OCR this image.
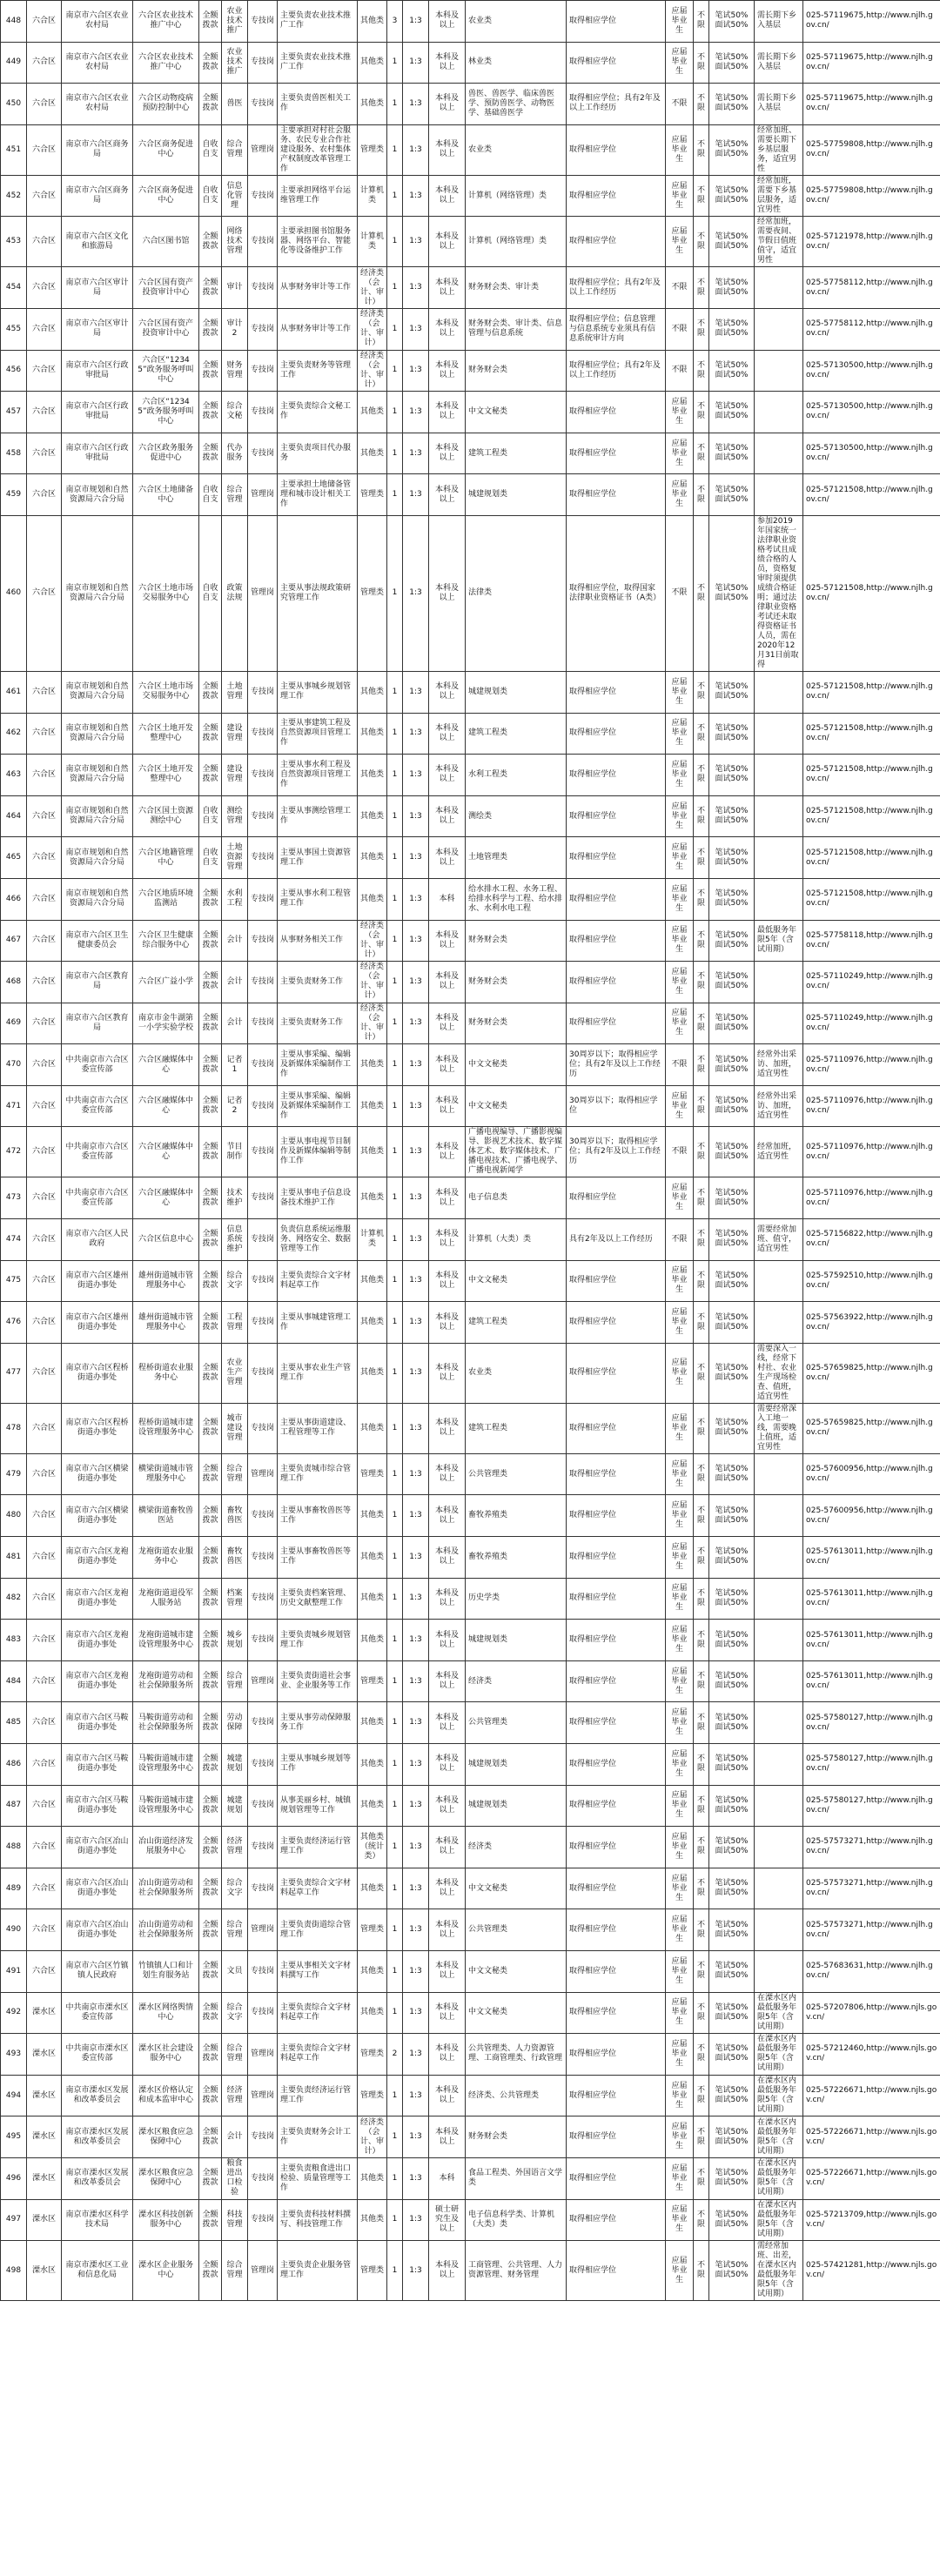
448	六合区	南京市六合区农业农村局	六合区农业技术推广中心	全额拨款	农业技术推广	专技岗	主要负责农业技术推广工作	其他类	3	1:3	本科及以上	农业类	取得相应学位	应届毕业生	不限	笔试50%面试50%	需长期下乡入基层	025-57119675,http://www.njlh.gov.cn/
449	六合区	南京市六合区农业农村局	六合区农业技术推广中心	全额拨款	农业技术推广	专技岗	主要负责农业技术推广工作	其他类	1	1:3	本科及以上	林业类	取得相应学位	应届毕业生	不限	笔试50%面试50%	需长期下乡入基层	025-57119675,http://www.njlh.gov.cn/
450	六合区	南京市六合区农业农村局	六合区动物疫病预防控制中心	全额拨款	兽医	专技岗	主要负责兽医相关工作	其他类	1	1:3	本科及以上	兽医、兽医学、临床兽医学、预防兽医学、动物医学、基础兽医学	取得相应学位；具有2年及以上工作经历	不限	不限	笔试50%面试50%	需长期下乡入基层	025-57119675,http://www.njlh.gov.cn/
451	六合区	南京市六合区商务局	六合区商务促进中心	自收自支	综合管理	管理岗	主要承担对村社会服务、农民专业合作社建设服务、农村集体产权制度改革管理工作	管理类	1	1:3	本科及以上	农业类	取得相应学位	应届毕业生	不限	笔试50%面试50%	经常加班、需要长期下乡基层服务，适宜男性	025-57759808,http://www.njlh.gov.cn/
452	六合区	南京市六合区商务局	六合区商务促进中心	自收自支	信息化管理	专技岗	主要承担网络平台运维管理工作	计算机类	1	1:3	本科及以上	计算机（网络管理）类	取得相应学位	应届毕业生	不限	笔试50%面试50%	经常加班，需要下乡基层服务，适宜男性	025-57759808,http://www.njlh.gov.cn/
453	六合区	南京市六合区文化和旅游局	六合区图书馆	全额拨款	网络技术管理	专技岗	主要承担图书馆服务器、网络平台、智能化等设备维护工作	计算机类	1	1:3	本科及以上	计算机（网络管理）类	取得相应学位	应届毕业生	不限	笔试50%面试50%	经常加班，需要夜间、节假日值班值守，适宜男性	025-57121978,http://www.njlh.gov.cn/
454	六合区	南京市六合区审计局	六合区国有资产投资审计中心	全额拨款	审计	专技岗	从事财务审计等工作	经济类（会计、审计）	1	1:3	本科及以上	财务财会类、审计类	取得相应学位；具有2年及以上工作经历	不限	不限	笔试50%面试50%		025-57758112,http://www.njlh.gov.cn/
455	六合区	南京市六合区审计局	六合区国有资产投资审计中心	全额拨款	审计2	专技岗	从事财务审计等工作	经济类（会计、审计）	1	1:3	本科及以上	财务财会类、审计类、信息管理与信息系统	取得相应学位；信息管理与信息系统专业须具有信息系统审计方向	不限	不限	笔试50%面试50%		025-57758112,http://www.njlh.gov.cn/
456	六合区	南京市六合区行政审批局	六合区“12345”政务服务呼叫中心	全额拨款	财务管理	专技岗	主要负责财务等管理工作	经济类（会计、审计）	1	1:3	本科及以上	财务财会类	取得相应学位；具有2年及以上工作经历	不限	不限	笔试50%面试50%		025-57130500,http://www.njlh.gov.cn/
457	六合区	南京市六合区行政审批局	六合区“12345”政务服务呼叫中心	全额拨款	综合文秘	专技岗	主要负责综合文秘工作	其他类	1	1:3	本科及以上	中文文秘类	取得相应学位	应届毕业生	不限	笔试50%面试50%		025-57130500,http://www.njlh.gov.cn/
458	六合区	南京市六合区行政审批局	六合区政务服务促进中心	全额拨款	代办服务	专技岗	主要负责项目代办服务	其他类	1	1:3	本科及以上	建筑工程类	取得相应学位	应届毕业生	不限	笔试50%面试50%		025-57130500,http://www.njlh.gov.cn/
459	六合区	南京市规划和自然资源局六合分局	六合区土地储备中心	自收自支	综合管理	管理岗	主要承担土地储备管理和城市设计相关工作	管理类	1	1:3	本科及以上	城建规划类	取得相应学位	应届毕业生	不限	笔试50%面试50%		025-57121508,http://www.njlh.gov.cn/
460	六合区	南京市规划和自然资源局六合分局	六合区土地市场交易服务中心	自收自支	政策法规	管理岗	主要从事法规政策研究管理工作	管理类	1	1:3	本科及以上	法律类	取得相应学位，取得国家法律职业资格证书（A类）	不限	不限	笔试50%面试50%	参加2019年国家统一法律职业资格考试且成绩合格的人员，资格复审时须提供成绩合格证明；通过法律职业资格考试还未取得资格证书人员，需在2020年12月31日前取得	025-57121508,http://www.njlh.gov.cn/
461	六合区	南京市规划和自然资源局六合分局	六合区土地市场交易服务中心	全额拨款	土地管理	专技岗	主要从事城乡规划管理工作	其他类	1	1:3	本科及以上	城建规划类	取得相应学位	应届毕业生	不限	笔试50%面试50%		025-57121508,http://www.njlh.gov.cn/
462	六合区	南京市规划和自然资源局六合分局	六合区土地开发整理中心	全额拨款	建设管理	专技岗	主要从事建筑工程及自然资源项目管理工作	其他类	1	1:3	本科及以上	建筑工程类	取得相应学位	应届毕业生	不限	笔试50%面试50%		025-57121508,http://www.njlh.gov.cn/
463	六合区	南京市规划和自然资源局六合分局	六合区土地开发整理中心	全额拨款	建设管理	专技岗	主要从事水利工程及自然资源项目管理工作	其他类	1	1:3	本科及以上	水利工程类	取得相应学位	应届毕业生	不限	笔试50%面试50%		025-57121508,http://www.njlh.gov.cn/
464	六合区	南京市规划和自然资源局六合分局	六合区国土资源测绘中心	自收自支	测绘管理	专技岗	主要从事测绘管理工作	其他类	1	1:3	本科及以上	测绘类	取得相应学位	应届毕业生	不限	笔试50%面试50%		025-57121508,http://www.njlh.gov.cn/
465	六合区	南京市规划和自然资源局六合分局	六合区地籍管理中心	自收自支	土地资源管理	专技岗	主要从事国土资源管理工作	其他类	1	1:3	本科及以上	土地管理类	取得相应学位	应届毕业生	不限	笔试50%面试50%		025-57121508,http://www.njlh.gov.cn/
466	六合区	南京市规划和自然资源局六合分局	六合区地质环境监测站	全额拨款	水利工程	专技岗	主要从事水利工程管理工作	其他类	1	1:3	本科	给水排水工程、水务工程、给排水科学与工程、给水排水、水利水电工程	取得相应学位	应届毕业生	不限	笔试50%面试50%		025-57121508,http://www.njlh.gov.cn/
467	六合区	南京市六合区卫生健康委员会	六合区卫生健康综合服务中心	全额拨款	会计	专技岗	从事财务相关工作	经济类（会计、审计）	1	1:3	本科及以上	财务财会类	取得相应学位	应届毕业生	不限	笔试50%面试50%	最低服务年限5年（含试用期）	025-57758118,http://www.njlh.gov.cn/
468	六合区	南京市六合区教育局	六合区广益小学	全额拨款	会计	专技岗	主要负责财务工作	经济类（会计、审计）	1	1:3	本科及以上	财务财会类	取得相应学位	应届毕业生	不限	笔试50%面试50%		025-57110249,http://www.njlh.gov.cn/
469	六合区	南京市六合区教育局	南京市金牛湖第一小学实验学校	全额拨款	会计	专技岗	主要负责财务工作	经济类（会计、审计）	1	1:3	本科及以上	财务财会类	取得相应学位	应届毕业生	不限	笔试50%面试50%		025-57110249,http://www.njlh.gov.cn/
470	六合区	中共南京市六合区委宣传部	六合区融媒体中心	全额拨款	记者1	专技岗	主要从事采编、编辑及新媒体采编制作工作	其他类	1	1:3	本科及以上	中文文秘类	30周岁以下；取得相应学位；具有2年及以上工作经历	不限	不限	笔试50%面试50%	经常外出采访、加班，适宜男性	025-57110976,http://www.njlh.gov.cn/
471	六合区	中共南京市六合区委宣传部	六合区融媒体中心	全额拨款	记者2	专技岗	主要从事采编、编辑及新媒体采编制作工作	其他类	1	1:3	本科及以上	中文文秘类	30周岁以下；取得相应学位	应届毕业生	不限	笔试50%面试50%	经常外出采访、加班，适宜男性	025-57110976,http://www.njlh.gov.cn/
472	六合区	中共南京市六合区委宣传部	六合区融媒体中心	全额拨款	节目制作	专技岗	主要从事电视节目制作及新媒体编辑等制作工作	其他类	1	1:3	本科及以上	广播电视编导、广播影视编导、影视艺术技术、数字媒体艺术、数字媒体技术、广播电视技术、广播电视学、广播电视新闻学	30周岁以下；取得相应学位；具有2年及以上工作经历	不限	不限	笔试50%面试50%	经常加班，适宜男性	025-57110976,http://www.njlh.gov.cn/
473	六合区	中共南京市六合区委宣传部	六合区融媒体中心	全额拨款	技术维护	专技岗	主要从事电子信息设备技术维护工作	其他类	1	1:3	本科及以上	电子信息类	取得相应学位	应届毕业生	不限	笔试50%面试50%		025-57110976,http://www.njlh.gov.cn/
474	六合区	南京市六合区人民政府	六合区信息中心	全额拨款	信息系统维护	专技岗	负责信息系统运维服务、网络安全、数据管理等工作	计算机类	1	1:3	本科及以上	计算机（大类）类	具有2年及以上工作经历	不限	不限	笔试50%面试50%	需要经常加班、值守，适宜男性	025-57156822,http://www.njlh.gov.cn/
475	六合区	南京市六合区雄州街道办事处	雄州街道城市管理服务中心	全额拨款	综合文字	专技岗	主要负责综合文字材料起草工作	其他类	1	1:3	本科及以上	中文文秘类	取得相应学位	应届毕业生	不限	笔试50%面试50%		025-57592510,http://www.njlh.gov.cn/
476	六合区	南京市六合区雄州街道办事处	雄州街道城市管理服务中心	全额拨款	工程管理	专技岗	主要从事城建管理工作	其他类	1	1:3	本科及以上	建筑工程类	取得相应学位	应届毕业生	不限	笔试50%面试50%		025-57563922,http://www.njlh.gov.cn/
477	六合区	南京市六合区程桥街道办事处	程桥街道农业服务中心	全额拨款	农业生产管理	专技岗	主要从事农业生产管理工作	其他类	1	1:3	本科及以上	农业类	取得相应学位	应届毕业生	不限	笔试50%面试50%	需要深入一线，经常下村社、农业生产现场检查、值班，适宜男性	025-57659825,http://www.njlh.gov.cn/
478	六合区	南京市六合区程桥街道办事处	程桥街道城市建设管理服务中心	全额拨款	城市建设管理	专技岗	主要从事街道建设、工程管理等工作	其他类	1	1:3	本科及以上	建筑工程类	取得相应学位	应届毕业生	不限	笔试50%面试50%	需要经常深入工地一线，需要晚上值班，适宜男性	025-57659825,http://www.njlh.gov.cn/
479	六合区	南京市六合区横梁街道办事处	横梁街道城市管理服务中心	全额拨款	综合管理	管理岗	主要负责城市综合管理工作	管理类	1	1:3	本科及以上	公共管理类	取得相应学位	应届毕业生	不限	笔试50%面试50%		025-57600956,http://www.njlh.gov.cn/
480	六合区	南京市六合区横梁街道办事处	横梁街道畜牧兽医站	全额拨款	畜牧兽医	专技岗	主要从事畜牧兽医等工作	其他类	1	1:3	本科及以上	畜牧养殖类	取得相应学位	应届毕业生	不限	笔试50%面试50%		025-57600956,http://www.njlh.gov.cn/
481	六合区	南京市六合区龙袍街道办事处	龙袍街道农业服务中心	全额拨款	畜牧兽医	专技岗	主要从事畜牧兽医等工作	其他类	1	1:3	本科及以上	畜牧养殖类	取得相应学位	应届毕业生	不限	笔试50%面试50%		025-57613011,http://www.njlh.gov.cn/
482	六合区	南京市六合区龙袍街道办事处	龙袍街道退役军人服务站	全额拨款	档案管理	专技岗	主要负责档案管理、历史文献整理工作	其他类	1	1:3	本科及以上	历史学类	取得相应学位	应届毕业生	不限	笔试50%面试50%		025-57613011,http://www.njlh.gov.cn/
483	六合区	南京市六合区龙袍街道办事处	龙袍街道城市建设管理服务中心	全额拨款	城乡规划	专技岗	主要负责城乡规划管理工作	其他类	1	1:3	本科及以上	城建规划类	取得相应学位	应届毕业生	不限	笔试50%面试50%		025-57613011,http://www.njlh.gov.cn/
484	六合区	南京市六合区龙袍街道办事处	龙袍街道劳动和社会保障服务所	全额拨款	综合管理	管理岗	主要负责街道社会事业、企业服务等工作	管理类	1	1:3	本科及以上	经济类	取得相应学位	应届毕业生	不限	笔试50%面试50%		025-57613011,http://www.njlh.gov.cn/
485	六合区	南京市六合区马鞍街道办事处	马鞍街道劳动和社会保障服务所	全额拨款	劳动保障	专技岗	主要从事劳动保障服务工作	其他类	1	1:3	本科及以上	公共管理类	取得相应学位	应届毕业生	不限	笔试50%面试50%		025-57580127,http://www.njlh.gov.cn/
486	六合区	南京市六合区马鞍街道办事处	马鞍街道城市建设管理服务中心	全额拨款	城建规划	专技岗	主要从事城乡规划等工作	其他类	1	1:3	本科及以上	城建规划类	取得相应学位	应届毕业生	不限	笔试50%面试50%		025-57580127,http://www.njlh.gov.cn/
487	六合区	南京市六合区马鞍街道办事处	马鞍街道城市建设管理服务中心	全额拨款	城建规划	专技岗	从事美丽乡村、城镇规划管理等工作	其他类	1	1:3	本科及以上	城建规划类	取得相应学位	应届毕业生	不限	笔试50%面试50%		025-57580127,http://www.njlh.gov.cn/
488	六合区	南京市六合区冶山街道办事处	冶山街道经济发展服务中心	全额拨款	经济管理	专技岗	主要负责经济运行管理工作	其他类（统计类）	1	1:3	本科及以上	经济类	取得相应学位	应届毕业生	不限	笔试50%面试50%		025-57573271,http://www.njlh.gov.cn/
489	六合区	南京市六合区冶山街道办事处	冶山街道劳动和社会保障服务所	全额拨款	综合文字	专技岗	主要负责综合文字材料起草工作	其他类	1	1:3	本科及以上	中文文秘类	取得相应学位	应届毕业生	不限	笔试50%面试50%		025-57573271,http://www.njlh.gov.cn/
490	六合区	南京市六合区冶山街道办事处	冶山街道劳动和社会保障服务所	全额拨款	综合管理	管理岗	主要负责街道综合管理工作	管理类	1	1:3	本科及以上	公共管理类	取得相应学位	应届毕业生	不限	笔试50%面试50%		025-57573271,http://www.njlh.gov.cn/
491	六合区	南京市六合区竹镇镇人民政府	竹镇镇人口和计划生育服务站	全额拨款	文员	专技岗	主要从事相关文字材料撰写工作	其他类	1	1:3	本科及以上	中文文秘类	取得相应学位	应届毕业生	不限	笔试50%面试50%		025-57683631,http://www.njlh.gov.cn/
492	溧水区	中共南京市溧水区委宣传部	溧水区网络舆情中心	全额拨款	综合文字	专技岗	主要负责综合文字材料起草工作	其他类	1	1:3	本科及以上	中文文秘类	取得相应学位	应届毕业生	不限	笔试50%面试50%	在溧水区内最低服务年限5年（含试用期）	025-57207806,http://www.njls.gov.cn/
493	溧水区	中共南京市溧水区委宣传部	溧水区社会建设服务中心	全额拨款	综合管理	管理岗	主要负责综合文字材料起草工作	管理类	2	1:3	本科及以上	公共管理类、人力资源管理、工商管理类、行政管理	取得相应学位	应届毕业生	不限	笔试50%面试50%	在溧水区内最低服务年限5年（含试用期）	025-57212460,http://www.njls.gov.cn/
494	溧水区	南京市溧水区发展和改革委员会	溧水区价格认定和成本监审中心	全额拨款	经济管理	管理岗	主要负责经济运行管理工作	管理类	1	1:3	本科及以上	经济类、公共管理类	取得相应学位	应届毕业生	不限	笔试50%面试50%	在溧水区内最低服务年限5年（含试用期）	025-57226671,http://www.njls.gov.cn/
495	溧水区	南京市溧水区发展和改革委员会	溧水区粮食应急保障中心	全额拨款	会计	专技岗	主要负责财务会计工作	经济类（会计、审计）	1	1:3	本科及以上	财务财会类	取得相应学位	应届毕业生	不限	笔试50%面试50%	在溧水区内最低服务年限5年（含试用期）	025-57226671,http://www.njls.gov.cn/
496	溧水区	南京市溧水区发展和改革委员会	溧水区粮食应急保障中心	全额拨款	粮食进出口检验	专技岗	主要负责粮食进出口检验、质量管理等工作	其他类	1	1:3	本科	食品工程类、外国语言文学类	取得相应学位	应届毕业生	不限	笔试50%面试50%	在溧水区内最低服务年限5年（含试用期）	025-57226671,http://www.njls.gov.cn/
497	溧水区	南京市溧水区科学技术局	溧水区科技创新服务中心	全额拨款	科技管理	专技岗	主要负责科技材料撰写、科技管理工作	其他类	1	1:3	硕士研究生及以上	电子信息科学类、计算机（大类）类	取得相应学位	应届毕业生	不限	笔试50%面试50%	在溧水区内最低服务年限5年（含试用期）	025-57213709,http://www.njls.gov.cn/
498	溧水区	南京市溧水区工业和信息化局	溧水区企业服务中心	全额拨款	综合管理	管理岗	主要负责企业服务管理工作	管理类	1	1:3	本科及以上	工商管理、公共管理、人力资源管理、财务管理	取得相应学位	应届毕业生	不限	笔试50%面试50%	需经常加班、出差，在溧水区内最低服务年限5年（含试用期）	025-57421281,http://www.njls.gov.cn/
